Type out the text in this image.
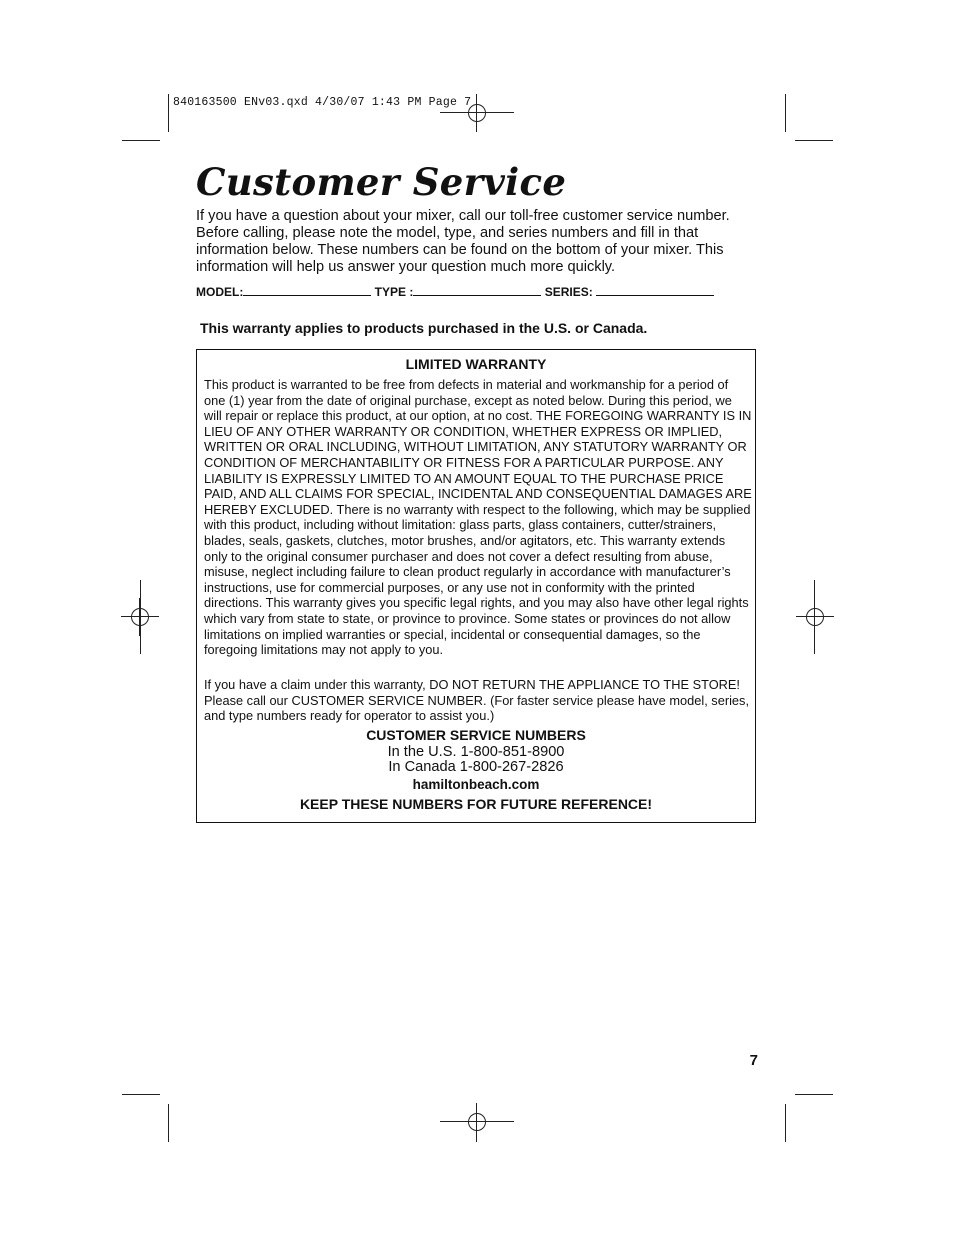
840163500 ENv03.qxd 4/30/07 1:43 PM Page 7
Customer Service

If you have a question about your mixer, call our toll-free customer service number. Before calling, please note the model, type, and series numbers and fill in that information below. These numbers can be found on the bottom of your mixer. This information will help us answer your question much more quickly.

MODEL:	TYPE :	SERIES:
This warranty applies to products purchased in the U.S. or Canada.
LIMITED WARRANTY

This product is warranted to be free from defects in material and workmanship for a period of one (1) year from the date of original purchase, except as noted below. During this period, we will repair or replace this product, at our option, at no cost. THE FOREGOING WARRANTY IS IN LIEU OF ANY OTHER WARRANTY OR CONDITION, WHETHER EXPRESS OR IMPLIED, WRITTEN OR ORAL INCLUDING, WITHOUT LIMITATION, ANY STATUTORY WARRANTY OR CONDITION OF MERCHANTABILITY OR FITNESS FOR A PARTICULAR PURPOSE. ANY LIABILITY IS EXPRESSLY LIMITED TO AN AMOUNT EQUAL TO THE PURCHASE PRICE PAID, AND ALL CLAIMS FOR SPECIAL, INCIDENTAL AND CONSEQUENTIAL DAMAGES ARE HEREBY EXCLUDED. There is no warranty with respect to the following, which may be supplied with this product, including without limitation: glass parts, glass containers, cutter/strainers, blades, seals, gaskets, clutches, motor brushes, and/or agitators, etc. This warranty extends only to the original consumer purchaser and does not cover a defect resulting from abuse, misuse, neglect including failure to clean product regularly in accordance with manufacturer’s instructions, use for commercial purposes, or any use not in conformity with the printed directions. This warranty gives you specific legal rights, and you may also have other legal rights which vary from state to state, or province to province. Some states or provinces do not allow limitations on implied warranties or special, incidental or consequential damages, so the foregoing limitations may not apply to you.

If you have a claim under this warranty, DO NOT RETURN THE APPLIANCE TO THE STORE! Please call our CUSTOMER SERVICE NUMBER. (For faster service please have model, series, and type numbers ready for operator to assist you.)

CUSTOMER SERVICE NUMBERS
In the U.S. 1-800-851-8900
In Canada 1-800-267-2826
hamiltonbeach.com
KEEP THESE NUMBERS FOR FUTURE REFERENCE!
7
